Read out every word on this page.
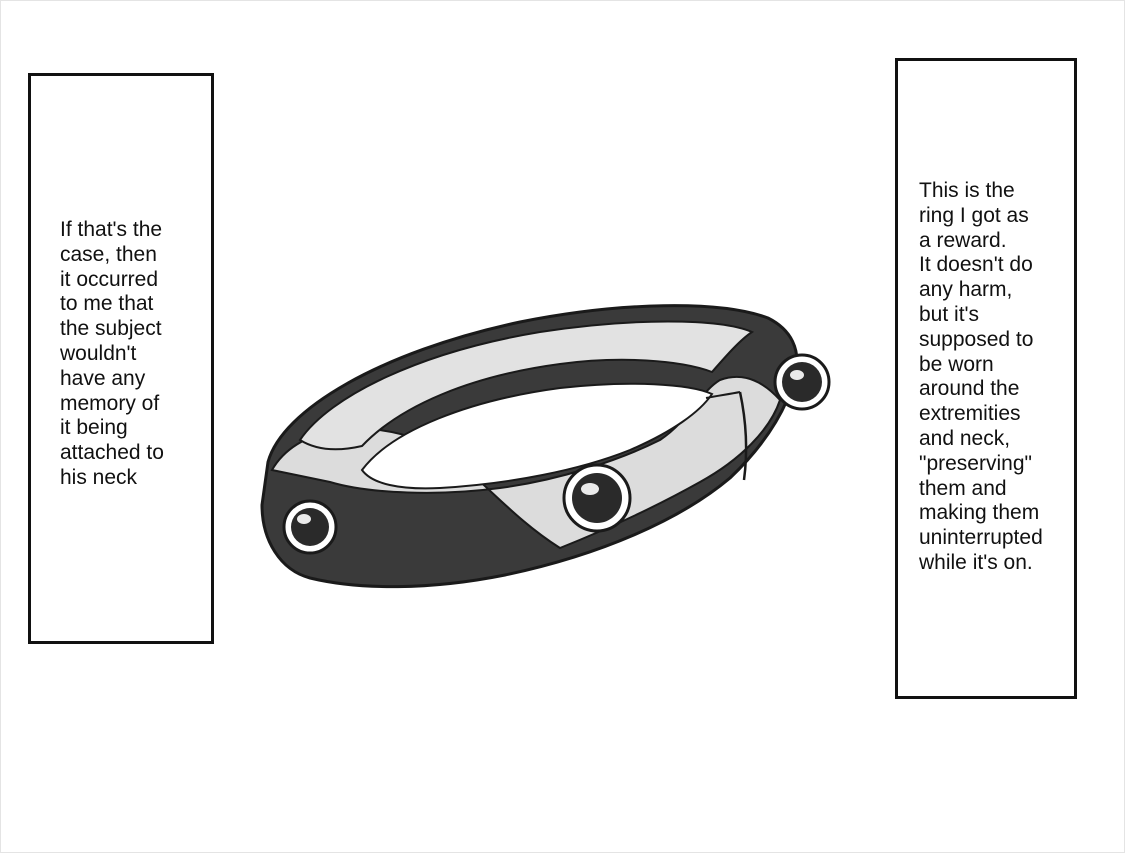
If that's the
case, then
it occurred
to me that
the subject
wouldn't
have any
memory of
it being
attached to
his neck

This is the
ring I got as
a reward.
It doesn't do
any harm,
but it's
supposed to
be worn
around the
extremities
and neck,
"preserving"
them and
making them
uninterrupted
while it's on.
